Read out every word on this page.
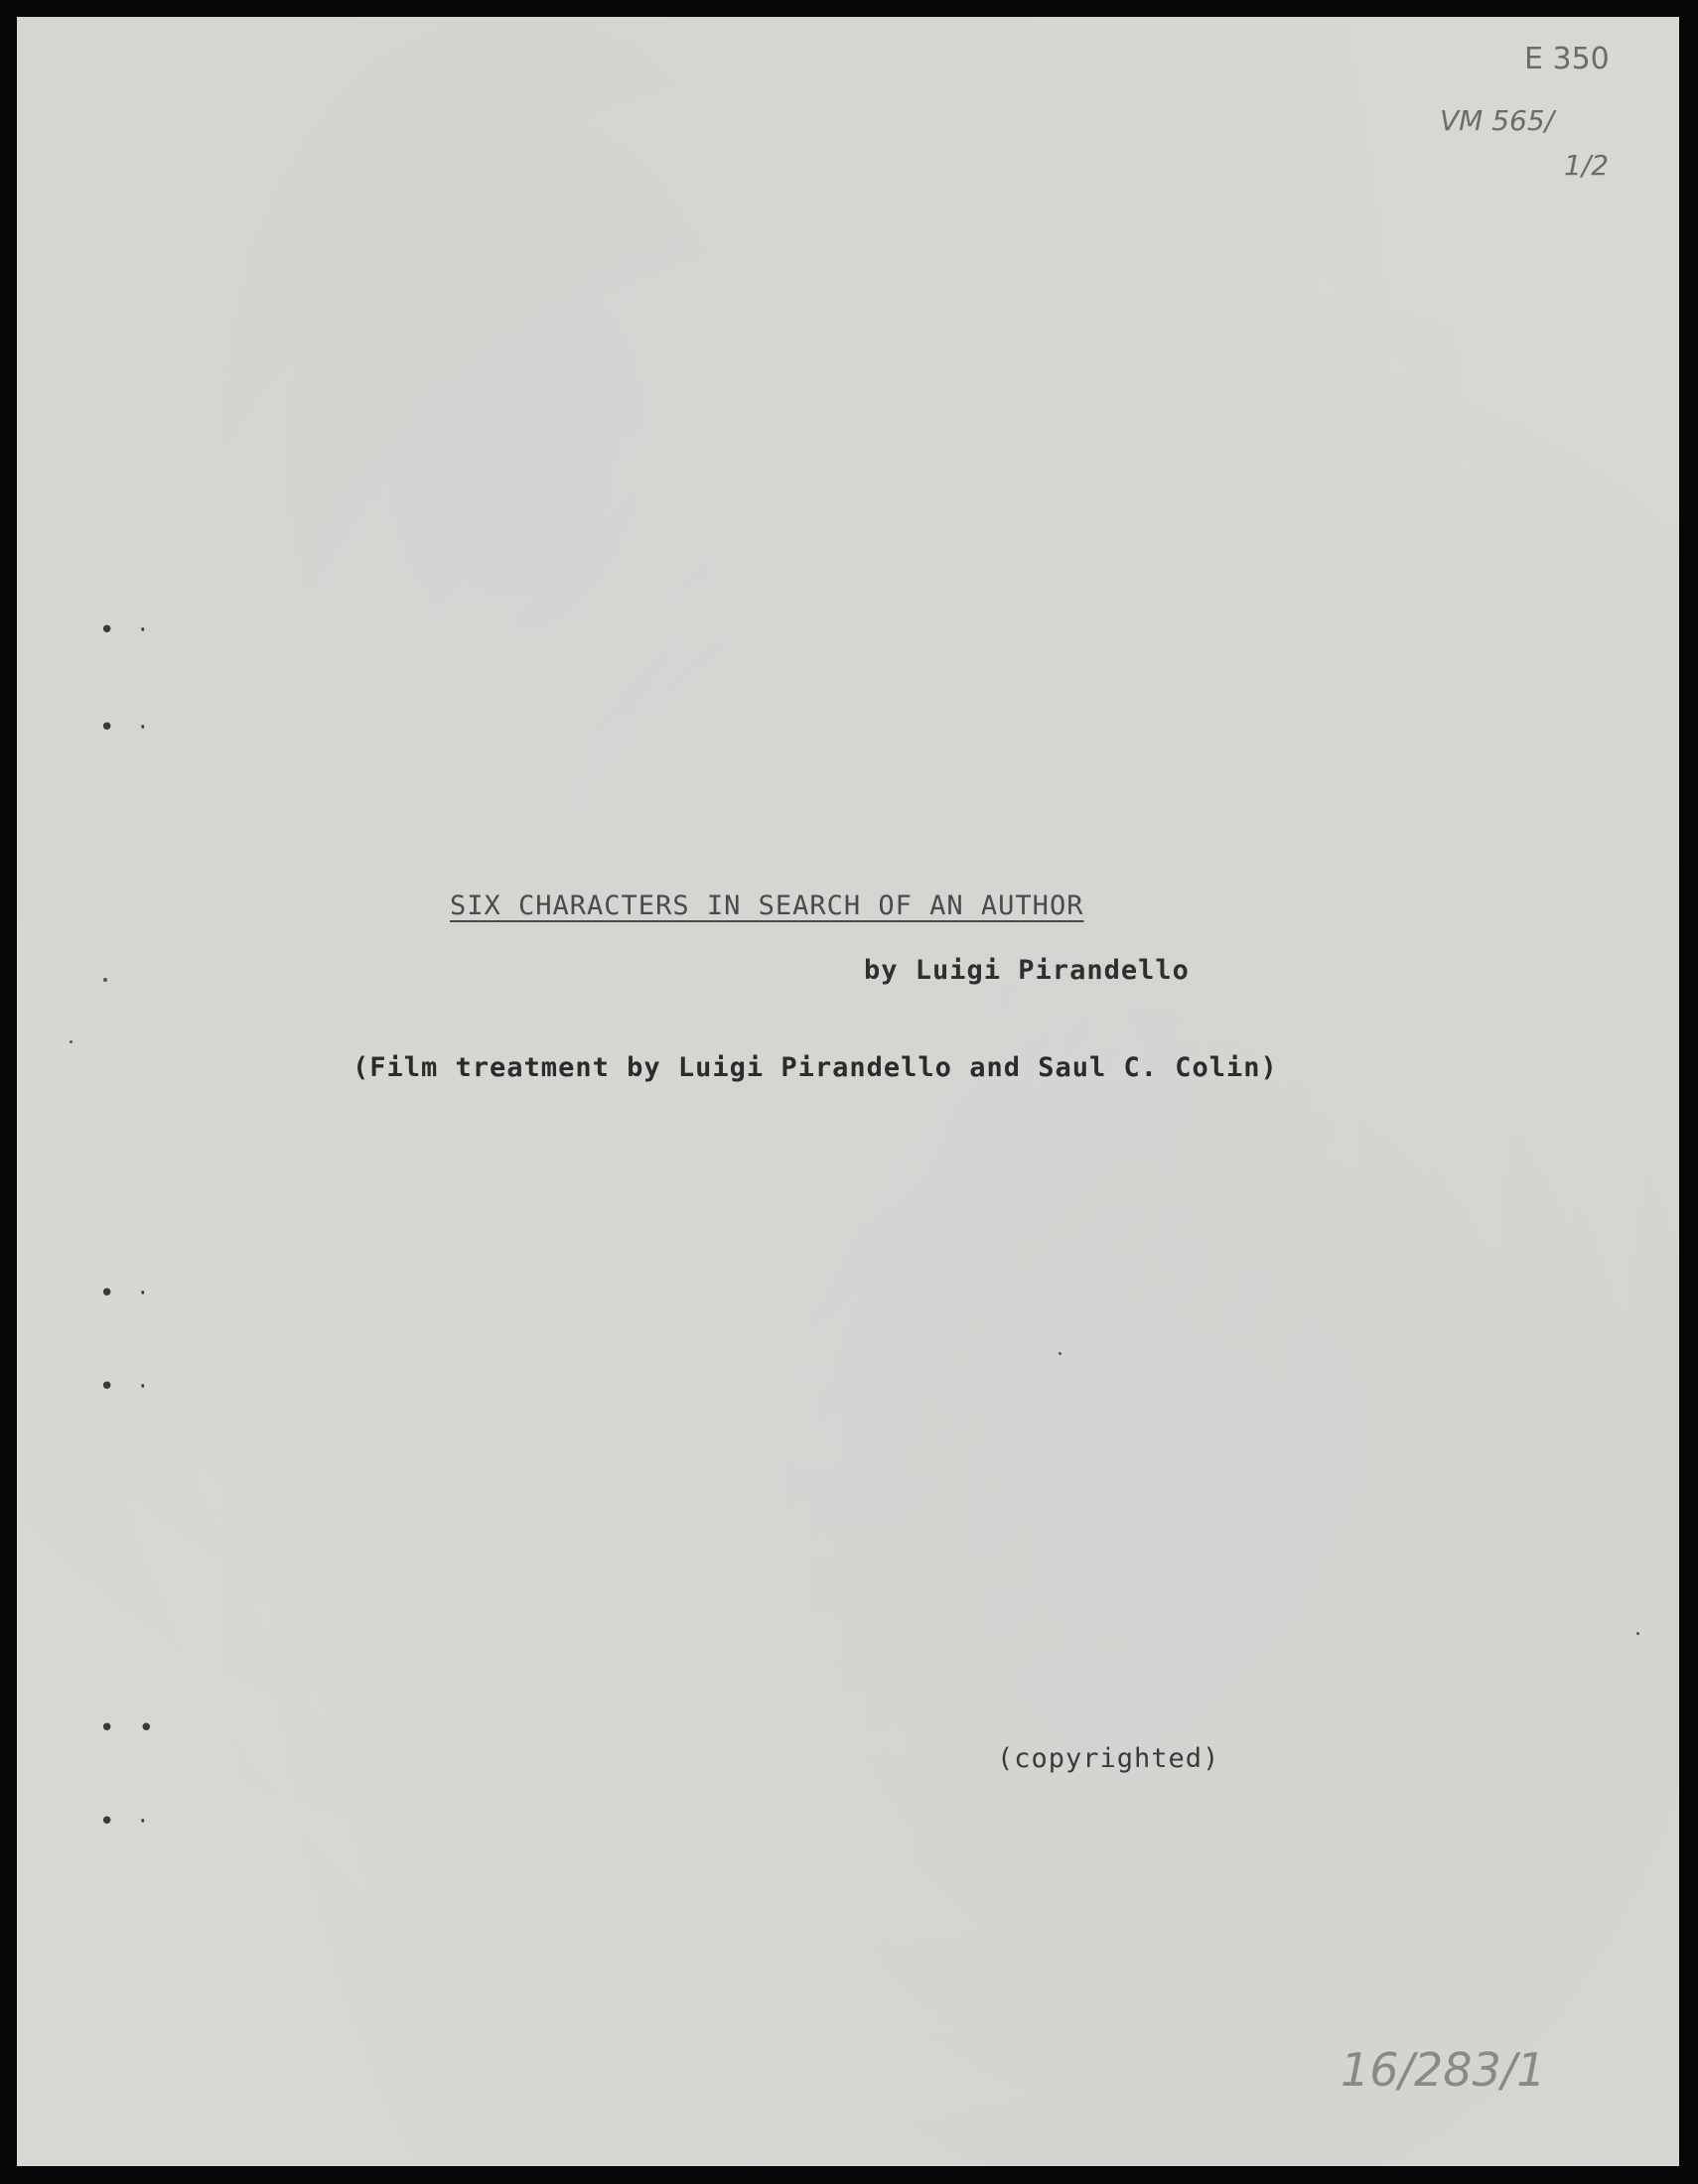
E 350
VM 565/
1/2
SIX CHARACTERS IN SEARCH OF AN AUTHOR
by Luigi Pirandello
(Film treatment by Luigi Pirandello and Saul C. Colin)
(copyrighted)
16/283/1
• ·
• ·
• ·
• ·
• •
• ·
